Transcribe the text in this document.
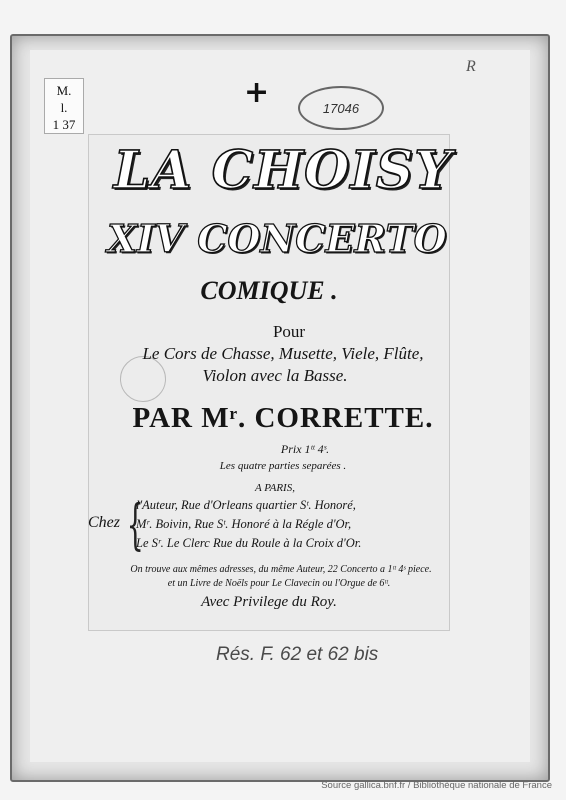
M.
l.
1 37
+	17046
R
LA CHOISY
XIV CONCERTO
COMIQUE .
Pour
Le Cors de Chasse, Musette, Viele, Flûte,
Violon avec la Basse.
PAR Mʳ. CORRETTE.
Prix 1ᵗᵗ 4ˢ.
Les quatre parties separées .
A PARIS,
Chez {
l'Auteur, Rue d'Orleans quartier Sᵗ. Honoré,
Mʳ. Boivin, Rue Sᵗ. Honoré à la Régle d'Or,
Le Sʳ. Le Clerc Rue du Roule à la Croix d'Or.
On trouve aux mêmes adresses, du même Auteur, 22 Concerto a 1ᵗᵗ 4ˢ piece.
et un Livre de Noëls pour Le Clavecin ou l'Orgue de 6ᵗᵗ.
Avec Privilege du Roy.
Rés. F. 62 et 62 bis
Source gallica.bnf.fr / Bibliothèque nationale de France
